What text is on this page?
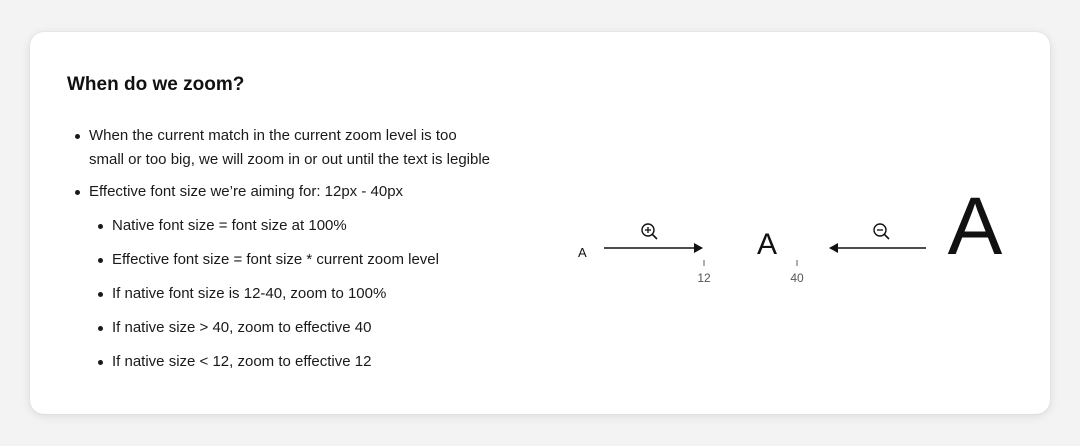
When do we zoom?
When the current match in the current zoom level is too
small or too big, we will zoom in or out until the text is legible
Effective font size we’re aiming for: 12px - 40px
Native font size = font size at 100%
Effective font size = font size * current zoom level
If native font size is 12-40, zoom to 100%
If native size > 40, zoom to effective 40
If native size < 12, zoom to effective 12
A
12
A
40
A
